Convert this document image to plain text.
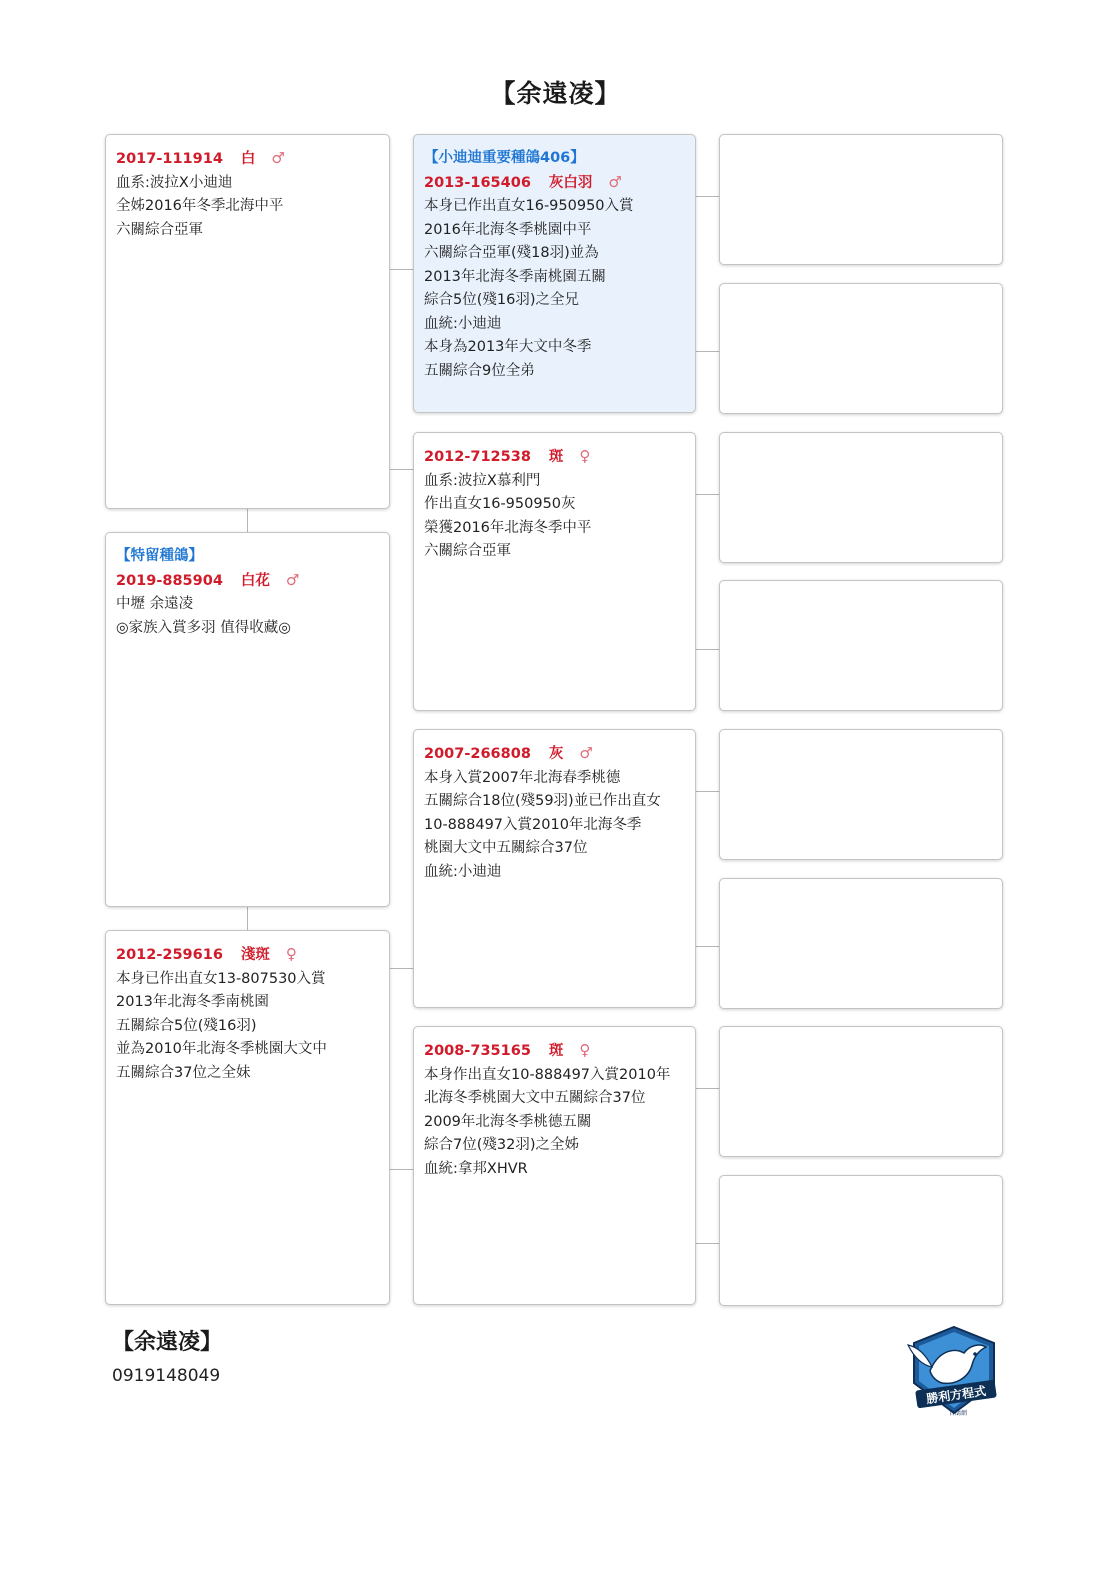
【余遠凌】
2017-111914 白 ♂
血系:波拉X小迪迪
全姊2016年冬季北海中平
六關綜合亞軍
【特留種鴿】
2019-885904 白花 ♂
中壢 余遠凌
◎家族入賞多羽 值得收藏◎
2012-259616 淺斑 ♀
本身已作出直女13-807530入賞
2013年北海冬季南桃園
五關綜合5位(殘16羽)
並為2010年北海冬季桃園大文中
五關綜合37位之全妹
【小迪迪重要種鴿406】
2013-165406 灰白羽 ♂
本身已作出直女16-950950入賞
2016年北海冬季桃園中平
六關綜合亞軍(殘18羽)並為
2013年北海冬季南桃園五關
綜合5位(殘16羽)之全兄
血統:小迪迪
本身為2013年大文中冬季
五關綜合9位全弟
2012-712538 斑 ♀
血系:波拉X慕利門
作出直女16-950950灰
榮獲2016年北海冬季中平
六關綜合亞軍
2007-266808 灰 ♂
本身入賞2007年北海春季桃德
五關綜合18位(殘59羽)並已作出直女
10-888497入賞2010年北海冬季
桃園大文中五關綜合37位
血統:小迪迪
2008-735165 斑 ♀
本身作出直女10-888497入賞2010年
北海冬季桃園大文中五關綜合37位
2009年北海冬季桃德五關
綜合7位(殘32羽)之全姊
血統:拿邦XHVR
【余遠凌】
0919148049
勝利方程式
百鴿網
